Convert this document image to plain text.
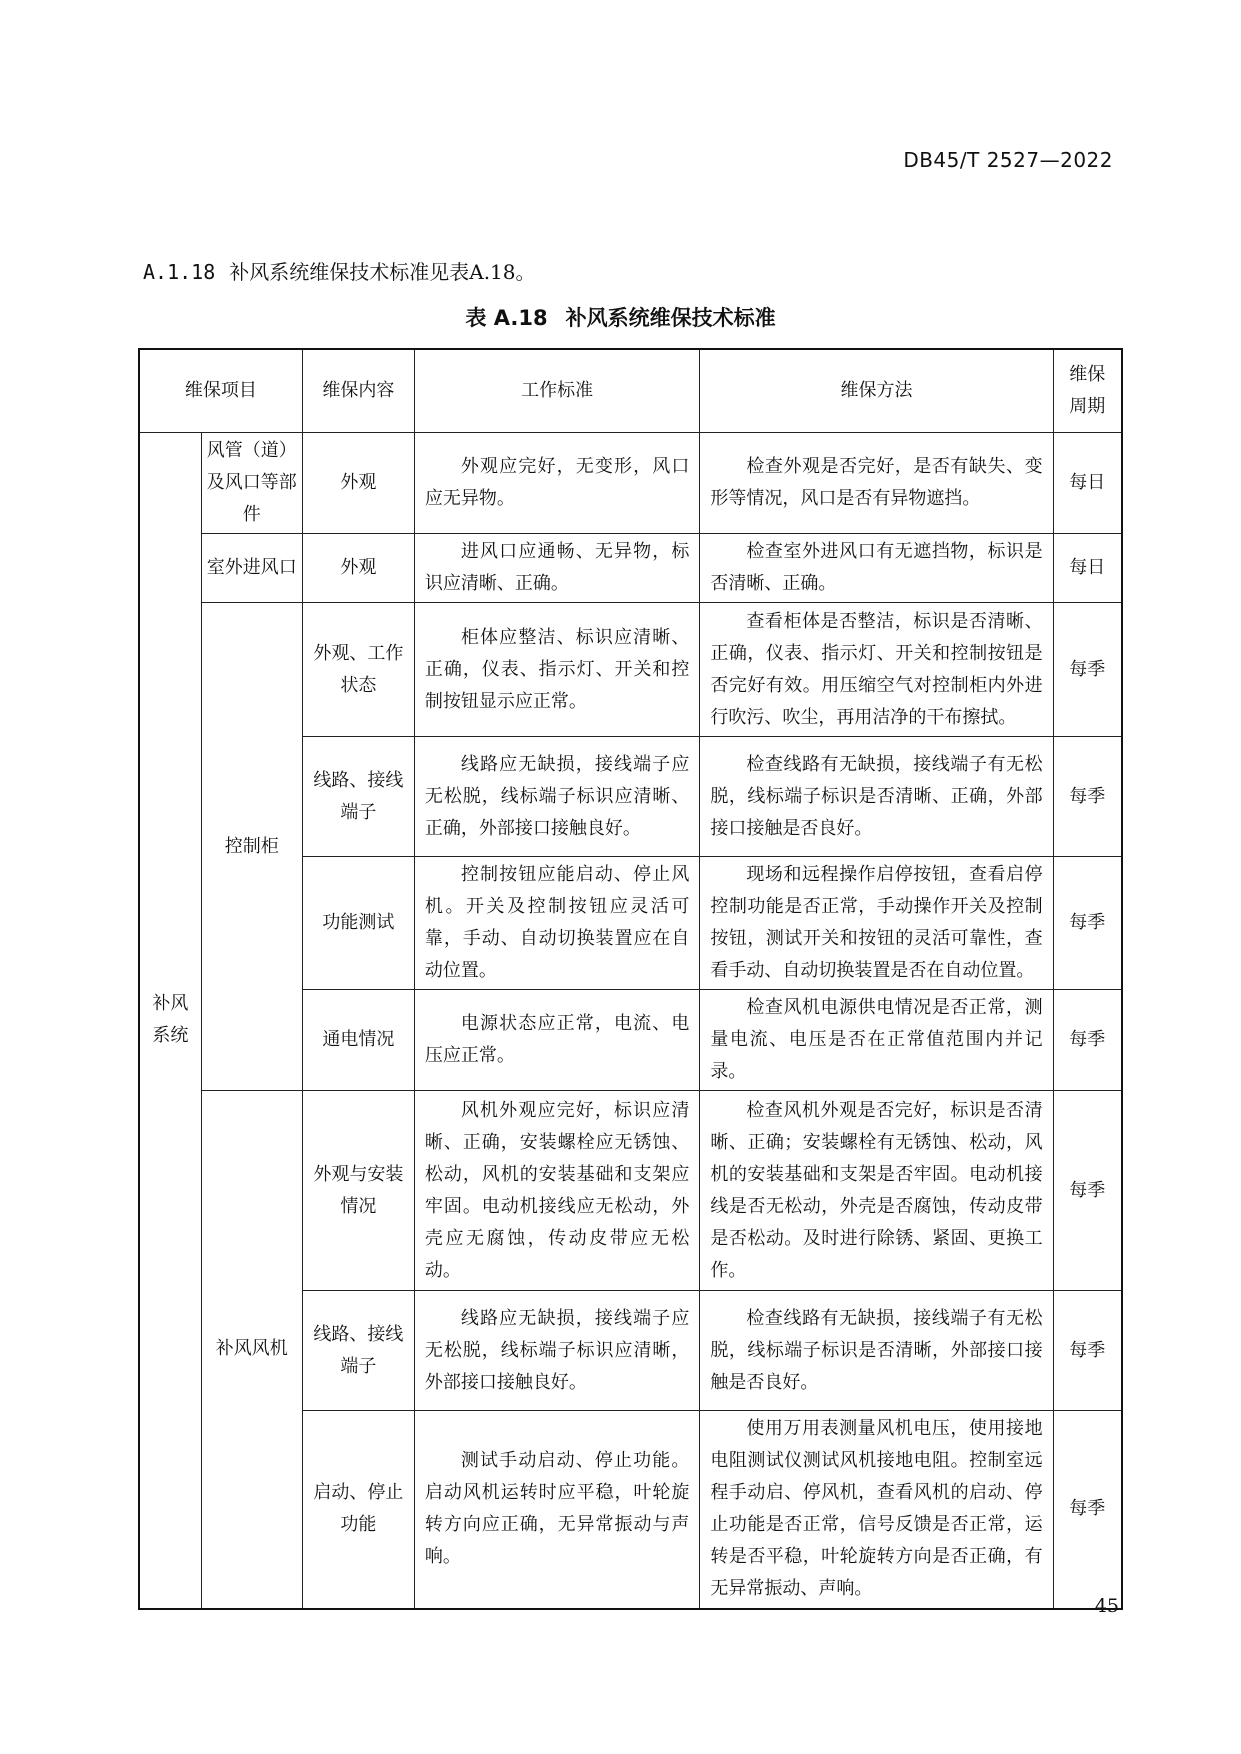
DB45/T 2527—2022
A.1.18 补风系统维保技术标准见表A.18。
表 A.18 补风系统维保技术标准
维保项目		维保内容	工作标准	维保方法	维保
周期
补风系统	风管（道）及风口等部件	外观	外观应完好，无变形，风口应无异物。	检查外观是否完好，是否有缺失、变形等情况，风口是否有异物遮挡。	每日
	室外进风口	外观	进风口应通畅、无异物，标识应清晰、正确。	检查室外进风口有无遮挡物，标识是否清晰、正确。	每日
	控制柜	外观、工作状态	柜体应整洁、标识应清晰、正确，仪表、指示灯、开关和控制按钮显示应正常。	查看柜体是否整洁，标识是否清晰、正确，仪表、指示灯、开关和控制按钮是否完好有效。用压缩空气对控制柜内外进行吹污、吹尘，再用洁净的干布擦拭。	每季
		线路、接线端子	线路应无缺损，接线端子应无松脱，线标端子标识应清晰、正确，外部接口接触良好。	检查线路有无缺损，接线端子有无松脱，线标端子标识是否清晰、正确，外部接口接触是否良好。	每季
		功能测试	控制按钮应能启动、停止风机。开关及控制按钮应灵活可靠，手动、自动切换装置应在自动位置。	现场和远程操作启停按钮，查看启停控制功能是否正常，手动操作开关及控制按钮，测试开关和按钮的灵活可靠性，查看手动、自动切换装置是否在自动位置。	每季
		通电情况	电源状态应正常，电流、电压应正常。	检查风机电源供电情况是否正常，测量电流、电压是否在正常值范围内并记录。	每季
	补风风机	外观与安装情况	风机外观应完好，标识应清晰、正确，安装螺栓应无锈蚀、松动，风机的安装基础和支架应牢固。电动机接线应无松动，外壳应无腐蚀，传动皮带应无松动。	检查风机外观是否完好，标识是否清晰、正确；安装螺栓有无锈蚀、松动，风机的安装基础和支架是否牢固。电动机接线是否无松动，外壳是否腐蚀，传动皮带是否松动。及时进行除锈、紧固、更换工作。	每季
		线路、接线端子	线路应无缺损，接线端子应无松脱，线标端子标识应清晰，外部接口接触良好。	检查线路有无缺损，接线端子有无松脱，线标端子标识是否清晰，外部接口接触是否良好。	每季
		启动、停止功能	测试手动启动、停止功能。启动风机运转时应平稳，叶轮旋转方向应正确，无异常振动与声响。	使用万用表测量风机电压，使用接地电阻测试仪测试风机接地电阻。控制室远程手动启、停风机，查看风机的启动、停止功能是否正常，信号反馈是否正常，运转是否平稳，叶轮旋转方向是否正确，有无异常振动、声响。	每季
45
